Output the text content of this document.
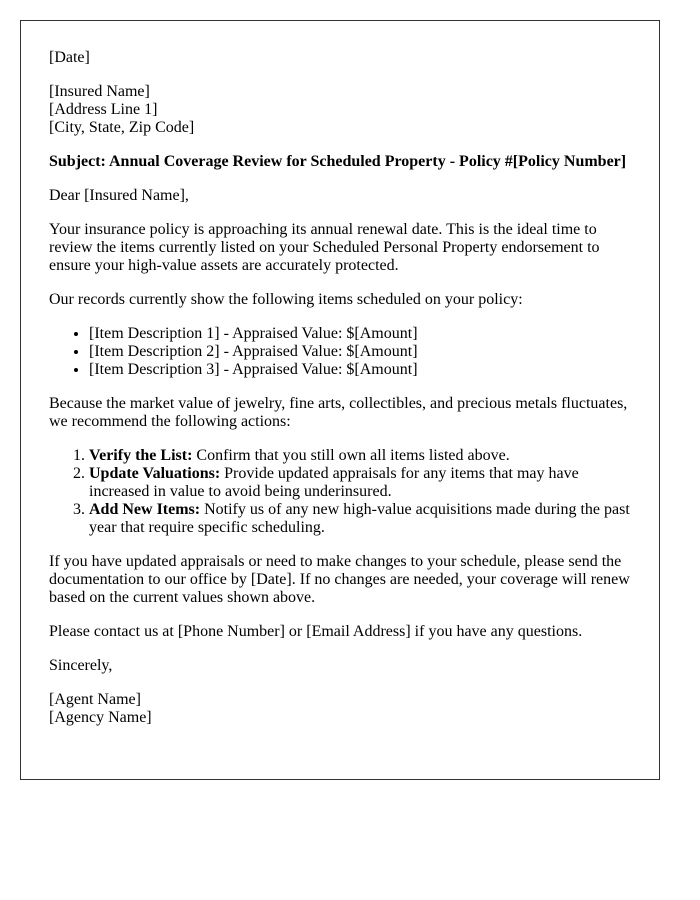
[Date]

[Insured Name]

[Address Line 1]

[City, State, Zip Code]

Subject: Annual Coverage Review for Scheduled Property - Policy #[Policy Number]

Dear [Insured Name],

Your insurance policy is approaching its annual renewal date. This is the ideal time to review the items currently listed on your Scheduled Personal Property endorsement to ensure your high-value assets are accurately protected.

Our records currently show the following items scheduled on your policy:

• [Item Description 1] - Appraised Value: $[Amount]
• [Item Description 2] - Appraised Value: $[Amount]
• [Item Description 3] - Appraised Value: $[Amount]

Because the market value of jewelry, fine arts, collectibles, and precious metals fluctuates, we recommend the following actions:

1. Verify the List: Confirm that you still own all items listed above.
2. Update Valuations: Provide updated appraisals for any items that may have increased in value to avoid being underinsured.
3. Add New Items: Notify us of any new high-value acquisitions made during the past year that require specific scheduling.

If you have updated appraisals or need to make changes to your schedule, please send the documentation to our office by [Date]. If no changes are needed, your coverage will renew based on the current values shown above.

Please contact us at [Phone Number] or [Email Address] if you have any questions.

Sincerely,

[Agent Name]

[Agency Name]
